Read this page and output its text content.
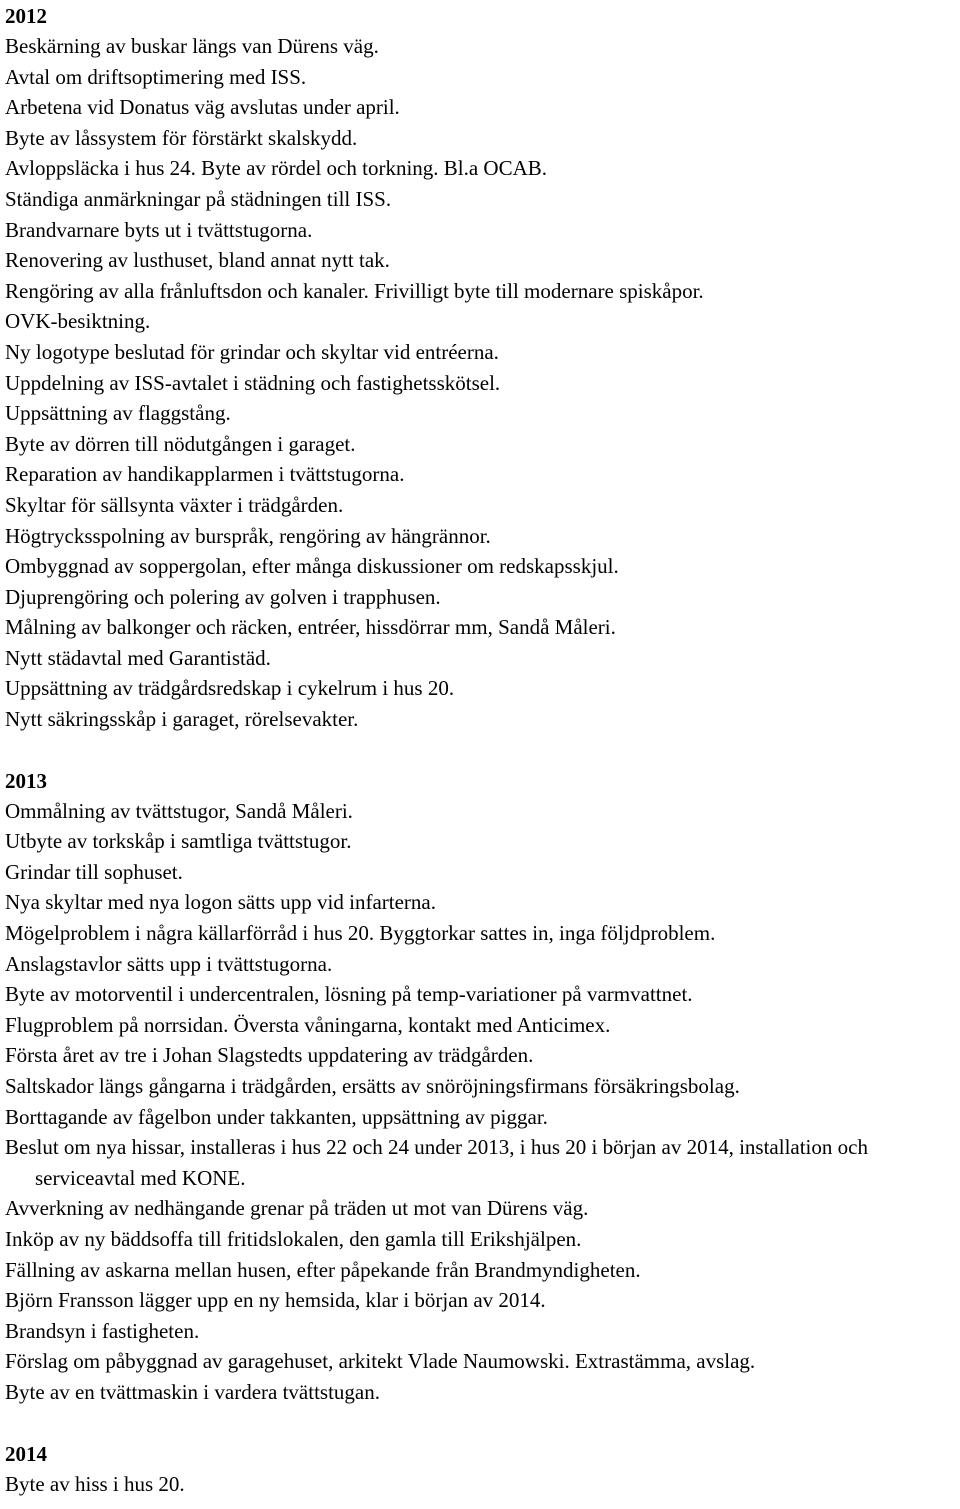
2012

Beskärning av buskar längs van Dürens väg.

Avtal om driftsoptimering med ISS.

Arbetena vid Donatus väg avslutas under april.

Byte av låssystem för förstärkt skalskydd.

Avloppsläcka i hus 24. Byte av rördel och torkning. Bl.a OCAB.

Ständiga anmärkningar på städningen till ISS.

Brandvarnare byts ut i tvättstugorna.

Renovering av lusthuset, bland annat nytt tak.

Rengöring av alla frånluftsdon och kanaler. Frivilligt byte till modernare spiskåpor.

OVK-besiktning.

Ny logotype beslutad för grindar och skyltar vid entréerna.

Uppdelning av ISS-avtalet i städning och fastighetsskötsel.

Uppsättning av flaggstång.

Byte av dörren till nödutgången i garaget.

Reparation av handikapplarmen i tvättstugorna.

Skyltar för sällsynta växter i trädgården.

Högtrycksspolning av burspråk, rengöring av hängrännor.

Ombyggnad av soppergolan, efter många diskussioner om redskapsskjul.

Djuprengöring och polering av golven i trapphusen.

Målning av balkonger och räcken, entréer, hissdörrar mm, Sandå Måleri.

Nytt städavtal med Garantistäd.

Uppsättning av trädgårdsredskap i cykelrum i hus 20.

Nytt säkringsskåp i garaget, rörelsevakter.

2013

Ommålning av tvättstugor, Sandå Måleri.

Utbyte av torkskåp i samtliga tvättstugor.

Grindar till sophuset.

Nya skyltar med nya logon sätts upp vid infarterna.

Mögelproblem i några källarförråd i hus 20. Byggtorkar sattes in, inga följdproblem.

Anslagstavlor sätts upp i tvättstugorna.

Byte av motorventil i undercentralen, lösning på temp-variationer på varmvattnet.

Flugproblem på norrsidan. Översta våningarna, kontakt med Anticimex.

Första året av tre i Johan Slagstedts uppdatering av trädgården.

Saltskador längs gångarna i trädgården, ersätts av snöröjningsfirmans försäkringsbolag.

Borttagande av fågelbon under takkanten, uppsättning av piggar.

Beslut om nya hissar, installeras i hus 22 och 24 under 2013, i hus 20 i början av 2014, installation och serviceavtal med KONE.

Avverkning av nedhängande grenar på träden ut mot van Dürens väg.

Inköp av ny bäddsoffa till fritidslokalen, den gamla till Erikshjälpen.

Fällning av askarna mellan husen, efter påpekande från Brandmyndigheten.

Björn Fransson lägger upp en ny hemsida, klar i början av 2014.

Brandsyn i fastigheten.

Förslag om påbyggnad av garagehuset, arkitekt Vlade Naumowski. Extrastämma, avslag.

Byte av en tvättmaskin i vardera tvättstugan.

2014

Byte av hiss i hus 20.
